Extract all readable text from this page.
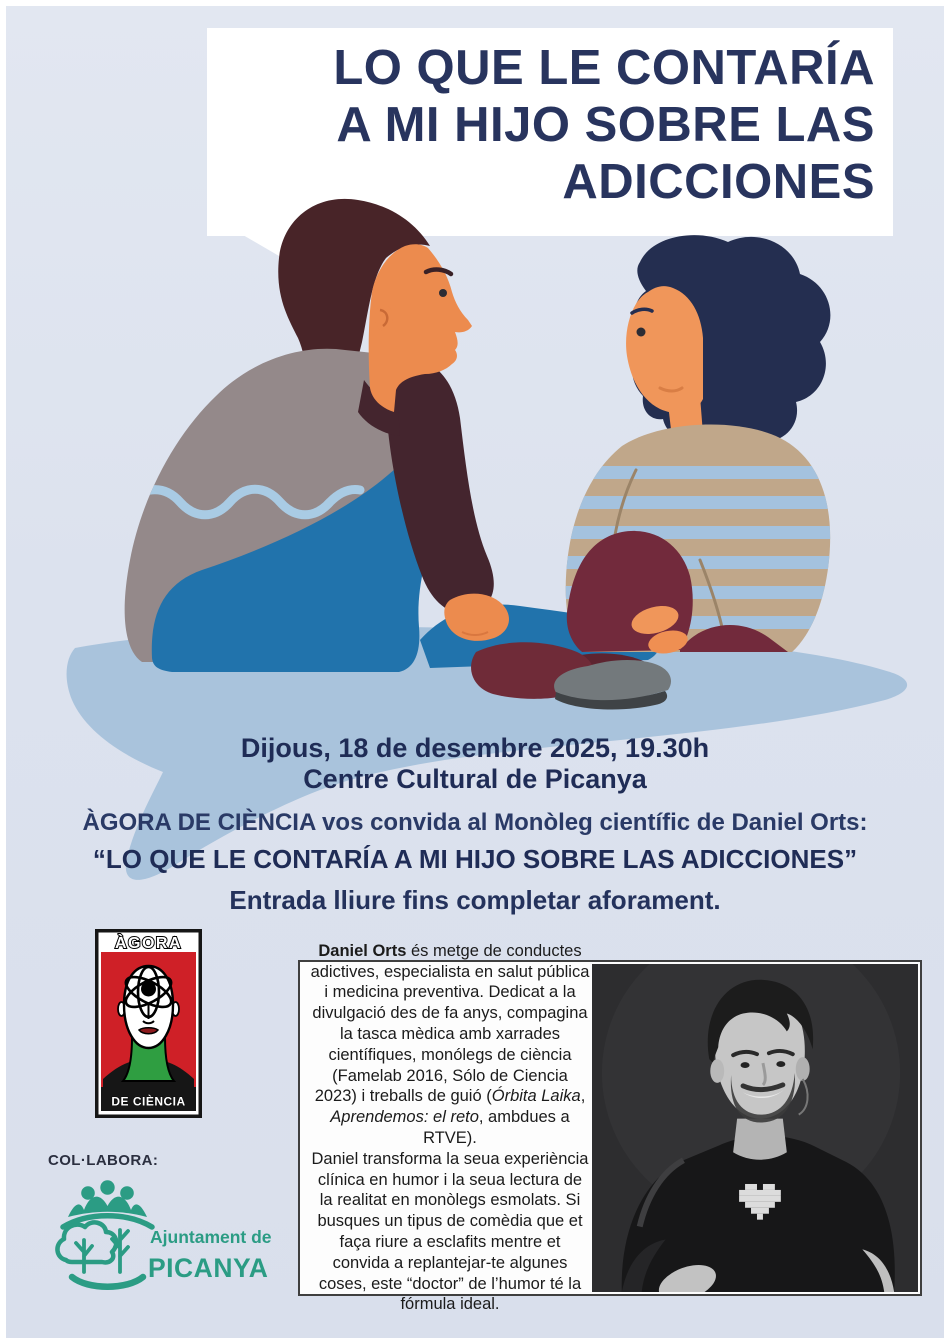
LO QUE LE CONTARÍA
A MI HIJO SOBRE LAS
ADICCIONES
Dijous, 18 de desembre 2025, 19.30h
Centre Cultural de Picanya
ÀGORA DE CIÈNCIA vos convida al Monòleg científic de Daniel Orts:
“LO QUE LE CONTARÍA A MI HIJO SOBRE LAS ADICCIONES”
Entrada lliure fins completar aforament.
ÀGORA
DE CIÈNCIA
COL·LABORA:
Ajuntament de
PICANYA

Daniel Orts és metge de conductes adictives, especialista en salut pública i medicina preventiva. Dedicat a la divulgació des de fa anys, compagina la tasca mèdica amb xarrades científiques, monólegs de ciència (Famelab 2016, Sólo de Ciencia 2023) i treballs de guió (Órbita Laika, Aprendemos: el reto, ambdues a RTVE).

Daniel transforma la seua experiència clínica en humor i la seua lectura de la realitat en monòlegs esmolats. Si busques un tipus de comèdia que et faça riure a esclafits mentre et convida a replantejar-te algunes coses, este “doctor” de l’humor té la fórmula ideal.
